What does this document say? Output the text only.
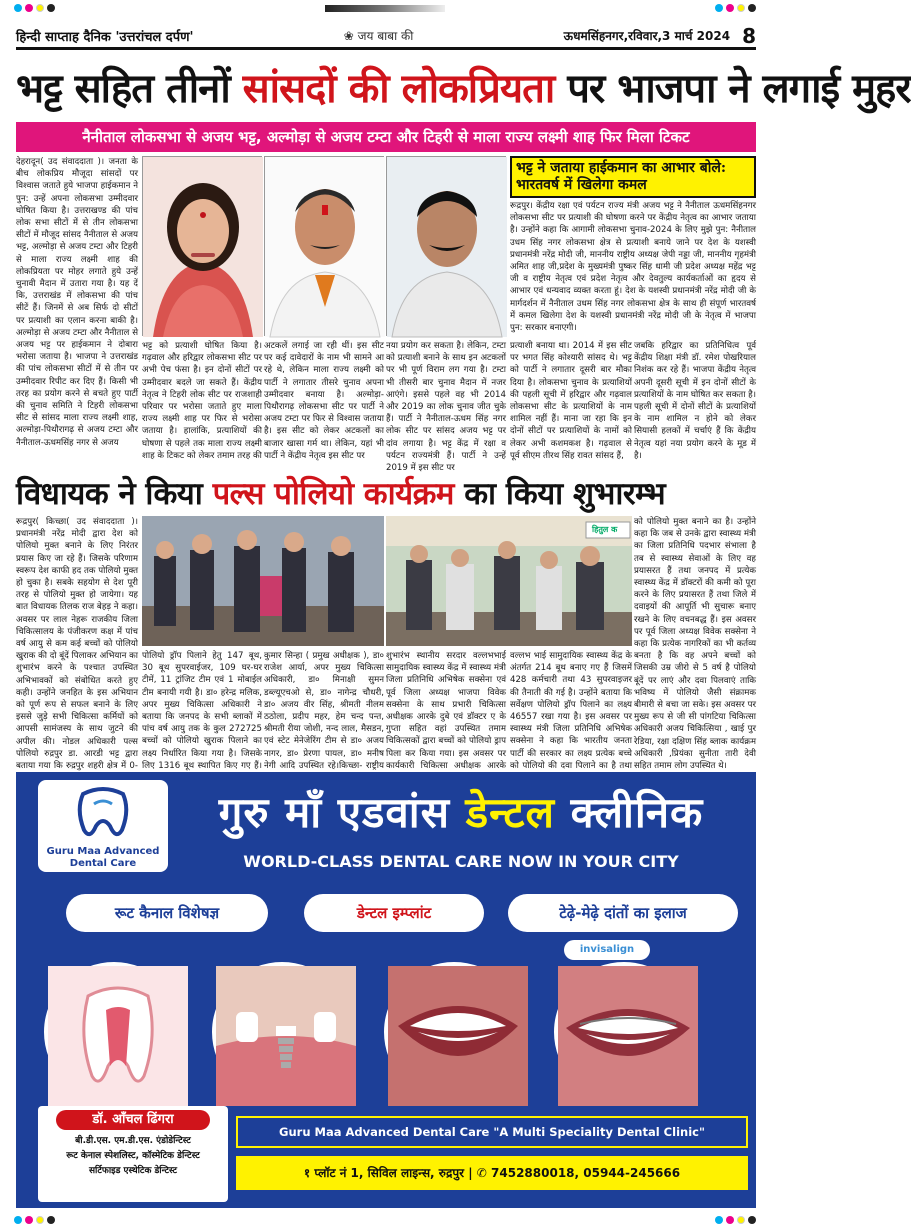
हिन्दी साप्ताह दैनिक 'उत्तरांचल दर्पण'	❀ जय बाबा की	ऊधमसिंहनगर,रविवार,3 मार्च 2024 8
भट्ट सहित तीनों सांसदों की लोकप्रियता पर भाजपा ने लगाई मुहर
नैनीताल लोकसभा से अजय भट्ट, अल्मोड़ा से अजय टम्टा और टिहरी से माला राज्य लक्ष्मी शाह फिर मिला टिकट
देहरादून( उद संवाददाता )। जनता के बीच लोकप्रिय मौजूदा सांसदों पर विश्वास जताते हुये भाजपा हाईकमान ने पुन: उन्हें अपना लोकसभा उम्मीदवार घोषित किया है। उत्तराखण्ड की पांच लोक सभा सीटों में से तीन लोकसभा सीटों में मौजूद सांसद नैनीताल से अजय भट्ट, अल्मोड़ा से अजय टम्टा और टिहरी से माला राज्य लक्ष्मी शाह की लोकप्रियता पर मोहर लगाते हुये उन्हें चुनावी मैदान में उतारा गया है। यह दें कि, उत्तराखंड में लोकसभा की पांच सीटें हैं। जिनमें से अब सिर्फ दो सीटों पर प्रत्याशी का एलान करना बाकी है। अल्मोड़ा से अजय टम्टा और नैनीताल से अजय भट्ट पर हाईकमान ने दोबारा भरोसा जताया है। भाजपा ने उत्तराखंड की पांच लोकसभा सीटों में से तीन पर उम्मीदवार रिपीट कर दिए हैं। किसी भी तरह का प्रयोग करने से बचते हुए पार्टी की चुनाव समिति ने टिहरी लोकसभा सीट से सांसद माला राज्य लक्ष्मी शाह, अल्मोड़ा-पिथौरागढ़ से अजय टम्टा और नैनीताल-ऊधमसिंह नगर से अजय
भट्ट को प्रत्याशी घोषित किया है। गढ़वाल और हरिद्वार लोकसभा सीट पर अभी पेच फंसा है। इन दोनों सीटों पर उम्मीदवार बदले जा सकते हैं। केंद्रीय नेतृत्व ने टिहरी लोक सीट पर राजशाही परिवार पर भरोसा जताते हुए माला राज्य लक्ष्मी शाह पर फिर से भरोसा जताया है। हालांकि, प्रत्याशियों की घोषणा से पहले तक माला राज्य लक्ष्मी शाह के टिकट को लेकर तमाम तरह की
अटकलें लगाई जा रही थीं। इस सीट पर कई दावेदारों के नाम भी सामने आ रहे थे, लेकिन माला राज्य लक्ष्मी को पार्टी ने लगातार तीसरे चुनाव अपना उम्मीदवार बनाया है। अल्मोड़ा-पिथौरागढ़ लोकसभा सीट पर पार्टी ने अजय टम्टा पर फिर से विश्वास जताया है। इस सीट को लेकर अटकलों का बाजार खासा गर्म था। लेकिन, यहां भी पार्टी ने केंद्रीय नेतृत्व इस सीट पर
नया प्रयोग कर सकता है। लेकिन, टम्टा को प्रत्याशी बनाने के साथ इन अटकलों पर भी पूर्ण विराम लग गया है। टम्टा भी तीसरी बार चुनाव मैदान में नजर आएंगे। इससे पहले वह भी 2014 और 2019 का लोक चुनाव जीत चुके हैं। पार्टी ने नैनीताल-ऊधम सिंह नगर लोक सीट पर सांसद अजय भट्ट पर दांव लगाया है। भट्ट केंद्र में रक्षा व पर्यटन राज्यमंत्री हैं। पार्टी ने उन्हें 2019 में इस सीट पर
प्रत्याशी बनाया था। 2014 में इस सीट पर भगत सिंह कोश्यारी सांसद थे। भट्ट को पार्टी ने लगातार दूसरी बार मौका दिया है। लोकसभा चुनाव के प्रत्याशियों की पहली सूची में हरिद्वार और गढ़वाल लोकसभा सीट के प्रत्याशियों के नाम शामिल नहीं हैं। माना जा रहा कि इन दोनों सीटों पर प्रत्याशियों के नामों को लेकर अभी कशमकश है। गढ़वाल से पूर्व सीएम तीरथ सिंह रावत सांसद हैं,
जबकि हरिद्वार का प्रतिनिधित्व पूर्व केंद्रीय शिक्षा मंत्री डॉ. रमेश पोखरियाल निशंक कर रहे हैं। भाजपा केंद्रीय नेतृत्व अपनी दूसरी सूची में इन दोनों सीटों के प्रत्याशियों के नाम घोषित कर सकता है। पहली सूची में दोनों सीटों के प्रत्याशियों के नाम शामिल न होने को लेकर सियासी हलकों में चर्चाएं हैं कि केंद्रीय नेतृत्व यहां नया प्रयोग करने के मूड में है।
भट्ट ने जताया हाईकमान का आभार बोले: भारतवर्ष में खिलेगा कमल
रूद्रपुर। केंद्रीय रक्षा एवं पर्यटन राज्य मंत्री अजय भट्ट ने नैनीताल ऊधमसिंहनगर लोकसभा सीट पर प्रत्याशी की घोषणा करने पर केंद्रीय नेतृत्व का आभार जताया है। उन्होंने कहा कि आगामी लोकसभा चुनाव-2024 के लिए मुझे पुन: नैनीताल उधम सिंह नगर लोकसभा क्षेत्र से प्रत्याशी बनाये जाने पर देश के यशस्वी प्रधानमंत्री नरेंद्र मोदी जी, माननीय राष्ट्रीय अध्यक्ष जेपी नड्डा जी, माननीय गृहमंत्री अमित शाह जी,प्रदेश के मुख्यमंत्री पुष्कर सिंह धामी जी प्रदेश अध्यक्ष महेंद्र भट्ट जी व राष्ट्रीय नेतृत्व एवं प्रदेश नेतृत्व और देवतुल्य कार्यकर्ताओं का हृदय से आभार एवं धन्यवाद व्यक्त करता हूं। देश के यशस्वी प्रधानमंत्री नरेंद्र मोदी जी के मार्गदर्शन में नैनीताल उधम सिंह नगर लोकसभा क्षेत्र के साथ ही संपूर्ण भारतवर्ष में कमल खिलेगा देश के यशस्वी प्रधानमंत्री नरेंद्र मोदी जी के नेतृत्व में भाजपा पुन: सरकार बनाएगी।
विधायक ने किया पल्स पोलियो कार्यक्रम का किया शुभारम्भ
रूद्रपुर( किच्छा( उद संवाददाता )। प्रधानमंत्री नरेंद्र मोदी द्वारा देश को पोलियो मुक्त बनाने के लिए निरंतर प्रयास किए जा रहे हैं। जिसके परिणाम स्वरूप देश काफी हद तक पोलियो मुक्त हो चुका है। सबके सहयोग से देश पूरी तरह से पोलियो मुक्त हो जायेगा। यह बात विधायक तिलक राज बेहड़ ने कहा। अवसर पर लाल नेहरू राजकीय जिला चिकित्सालय के पंजीकरण कक्ष में पांच वर्ष आयु से कम कई बच्चों को पोलियो खुराक की दो बूंदें पिलाकर अभियान का शुभारंभ करने के पश्चात उपस्थित अभिभावकों को संबोधित करते हुए कही। उन्होंने जनहित के इस अभियान को पूर्ण रूप से सफल बनाने के लिए इससे जुड़े सभी चिकित्सा कर्मियों को आपसी सामंजस्य के साथ जुटने की अपील की। नोडल अधिकारी पल्स पोलियो रुद्रपुर डा. आरडी भट्ट द्वारा बताया गया कि रुद्रपुर शहरी क्षेत्र में 0-
हितुल क
पोलियो ड्रॉप पिलाने हेतु 147 बूथ, 30 बूथ सुपरवाईजर, 109 घर-घर टीमें, 11 ट्रांजिट टीम एवं 1 मोबाईल टीम बनायी गयी है। डा० हरेन्द्र मलिक, अपर मुख्य चिकित्सा अधिकारी ने बताया कि जनपद के सभी ब्लाकों में पांच वर्ष आयु तक के कुल 272725 बच्चों को पोलियो खुराक पिलाने का लक्ष्य निर्धारित किया गया है। जिसके लिए 1316 बूथ स्थापित किए गए हैं।
कुमार सिन्हा ( प्रमुख अधीक्षक ), डा० राजेश आर्या, अपर मुख्य चिकित्सा अधिकारी, डा० मिनाक्षी सुमन डब्ल्यूएचओ से, डा० नागेन्द्र चौधरी, डा० अजय वीर सिंह, श्रीमती नीलम ठठोला, प्रदीप महर, हेम चन्द पन्त, श्रीमती रीया जोशी, नन्द लाल, मैसडन, एवं स्टेट मेनेजेरिंग टीम से डा० अजय नागर, डा० प्रेरणा पायल, डा० मनीष नेगी आदि उपस्थित रहे।किच्छा- राष्ट्रीय
शुभारंभ स्थानीय सरदार वल्लभभाई सामुदायिक स्वास्थ्य केंद्र में स्वास्थ्य मंत्री जिला प्रतिनिधि अभिषेक सक्सेना एवं पूर्व जिला अध्यक्ष भाजपा विवेक सक्सेना के साथ प्रभारी चिकित्सा अधीक्षक आरके दुबे एवं डॉक्टर ए के गुप्ता सहित वहां उपस्थित तमाम चिकित्सकों द्वारा बच्चों को पोलियो ड्राप पिला कर किया गया। इस अवसर पर कार्यकारी चिकित्सा अधीक्षक आरके
वल्लभ भाई सामुदायिक स्वास्थ्य केंद्र के अंतर्गत 214 बूथ बनाए गए हैं जिसमें 428 कर्मचारी तथा 43 सुपरवाइजर की तैनाती की गई है। उन्होंने बताया कि सर्वेक्षण पोलियो ड्रॉप पिलाने का लक्ष्य 46557 रखा गया है। इस अवसर पर स्वास्थ्य मंत्री जिला प्रतिनिधि अभिषेक सक्सेना ने कहा कि भारतीय जनता पार्टी की सरकार का लक्ष्य प्रत्येक बच्चे को पोलियो की दवा पिलाने का है तथा
को पोलियो मुक्त बनाने का है। उन्होंने कहा कि जब से उनके द्वारा स्वास्थ्य मंत्री का जिला प्रतिनिधि पदभार संभाला है तब से स्वास्थ्य सेवाओं के लिए वह प्रयासरत हैं तथा जनपद में प्रत्येक स्वास्थ्य केंद्र में डॉक्टरों की कमी को पूरा करने के लिए प्रयासरत हैं तथा जिले में दवाइयों की आपूर्ति भी सुचारू बनाए रखने के लिए वचनबद्ध हैं। इस अवसर पर पूर्व जिला अध्यक्ष विवेक सक्सेना ने कहा कि प्रत्येक नागरिकों का भी कर्तव्य बनता है कि वह अपने बच्चों को जिसकी उम्र जीरो से 5 वर्ष है पोलियो बूंदें पर लाएं और दवा पिलवाएं ताकि भविष्य में पोलियो जैसी संक्रामक बीमारी से बचा जा सके। इस अवसर पर मुख्य रूप से जी सी पांगटिया चिकित्सा अधिकारी अजय चिकित्सिया , खाई पुर रेडिया, रक्षा दक्षिण सिंह ब्लाक कार्यक्रम अधिकारी ,प्रियंका सुनीता तारी देवी सहित तमाम लोग उपस्थित थे।
Guru Maa Advanced Dental Care
गुरु माँ एडवांस डेन्टल क्लीनिक
WORLD-CLASS DENTAL CARE NOW IN YOUR CITY
रूट कैनाल विशेषज्ञ	डेन्टल इम्प्लांट	टेढ़े-मेढ़े दांतों का इलाज
invisalign
डॉ. आँचल ढिंगरा
बी.डी.एस. एम.डी.एस. एंडोडेन्टिस्ट
रूट केनाल स्पेशलिस्ट, कॉस्मेटिक डेन्टिस्ट
सर्टिफाइड एस्थेटिक डेन्टिस्ट
Guru Maa Advanced Dental Care "A Multi Speciality Dental Clinic"
१ प्लॉट नं 1, सिविल लाइन्स, रुद्रपुर | ✆ 7452880018, 05944-245666
